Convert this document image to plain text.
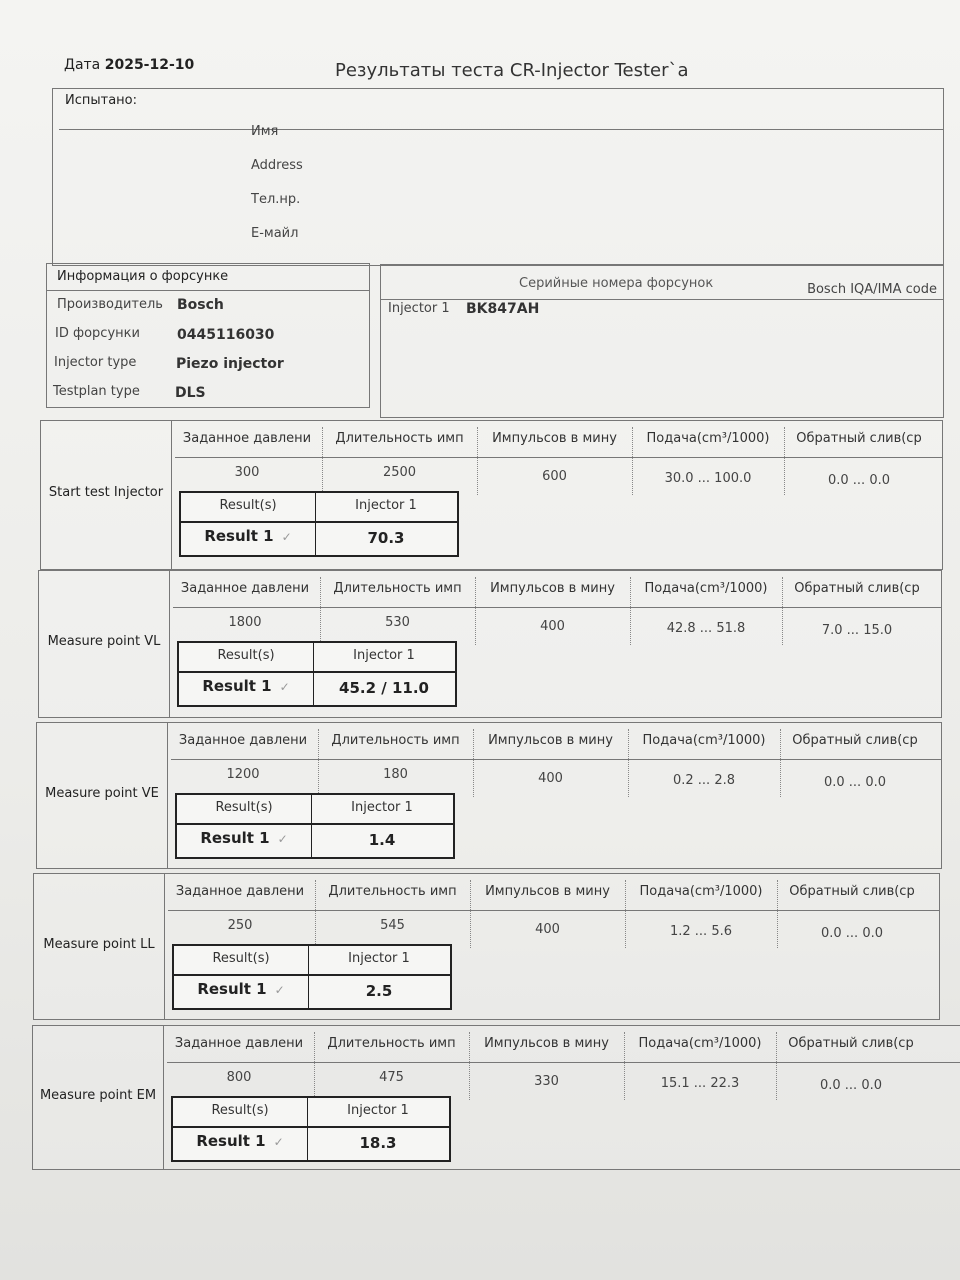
Дата 2025-12-10	Результаты теста CR-Injector Tester`a
Испытано:
Имя
Address
Тел.нр.
Е-майл
Информация о форсунке
Производитель Bosch
ID форсунки	0445116030
Injector type	Piezo injector
Testplan type	DLS
Серийные номера форсунок	Bosch IQA/IMA code
Injector 1 BK847AH
Start test Injector
Заданное давлени	Длительность имп	Импульсов в мину	Подача(cm³/1000)	Обратный слив(cp
300	2500	600	30.0 ... 100.0	0.0 ... 0.0
Result(s)	Injector 1
Result 1 ✓	70.3
Measure point VL
Заданное давлени	Длительность имп	Импульсов в мину	Подача(cm³/1000)	Обратный слив(cp
1800	530	400	42.8 ... 51.8	7.0 ... 15.0
Result(s)	Injector 1
Result 1 ✓	45.2 / 11.0
Measure point VE
Заданное давлени	Длительность имп	Импульсов в мину	Подача(cm³/1000)	Обратный слив(cp
1200	180	400	0.2 ... 2.8	0.0 ... 0.0
Result(s)	Injector 1
Result 1 ✓	1.4
Measure point LL
Заданное давлени	Длительность имп	Импульсов в мину	Подача(cm³/1000)	Обратный слив(cp
250	545	400	1.2 ... 5.6	0.0 ... 0.0
Result(s)	Injector 1
Result 1 ✓	2.5
Measure point EM
Заданное давлени	Длительность имп	Импульсов в мину	Подача(cm³/1000)	Обратный слив(cp
800	475	330	15.1 ... 22.3	0.0 ... 0.0
Result(s)	Injector 1
Result 1 ✓	18.3
